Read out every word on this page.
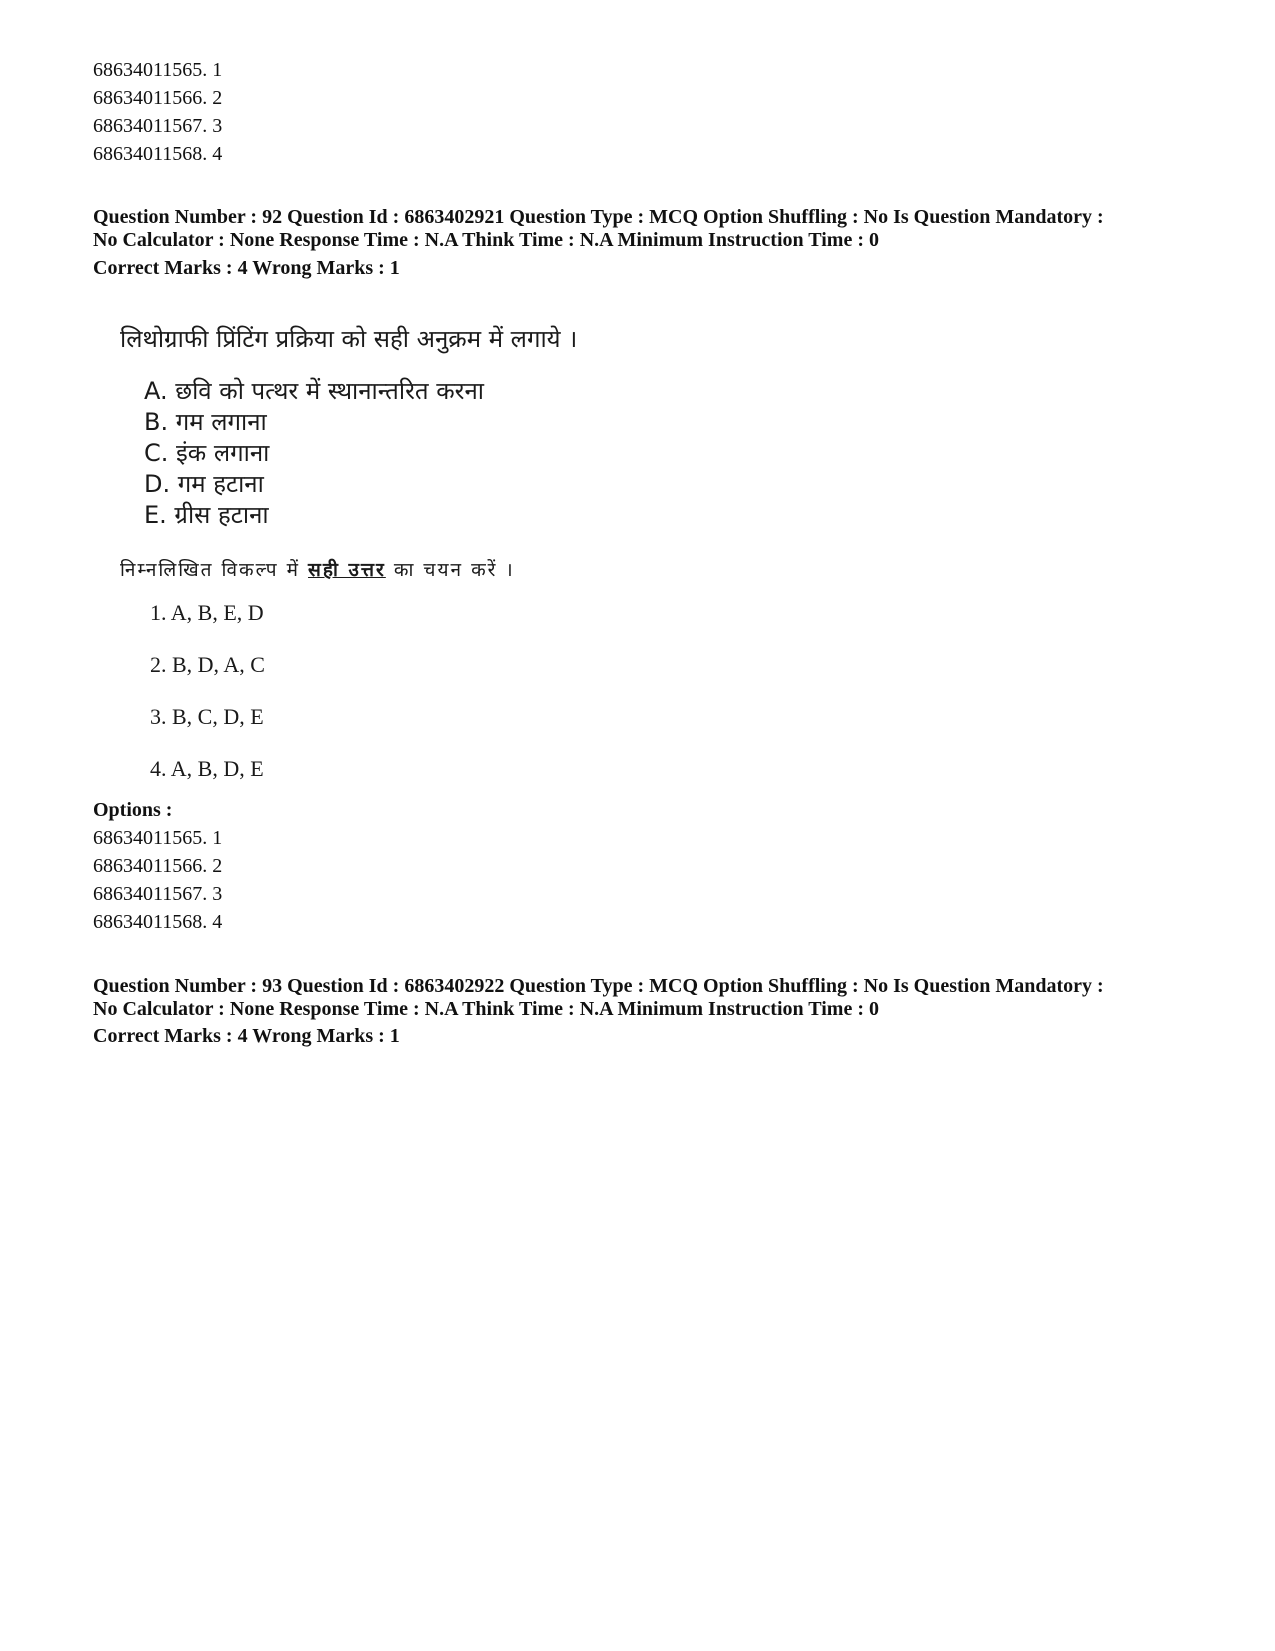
68634011565. 1
68634011566. 2
68634011567. 3
68634011568. 4
Question Number : 92 Question Id : 6863402921 Question Type : MCQ Option Shuffling : No Is Question Mandatory :
No Calculator : None Response Time : N.A Think Time : N.A Minimum Instruction Time : 0
Correct Marks : 4 Wrong Marks : 1
लिथोग्राफी प्रिंटिंग प्रक्रिया को सही अनुक्रम में लगाये ।
A. छवि को पत्थर में स्थानान्तरित करना
B. गम लगाना
C. इंक लगाना
D. गम हटाना
E. ग्रीस हटाना
निम्नलिखित विकल्प में सही उत्तर का चयन करें ।
1. A, B, E, D
2. B, D, A, C
3. B, C, D, E
4. A, B, D, E
Options :
68634011565. 1
68634011566. 2
68634011567. 3
68634011568. 4
Question Number : 93 Question Id : 6863402922 Question Type : MCQ Option Shuffling : No Is Question Mandatory :
No Calculator : None Response Time : N.A Think Time : N.A Minimum Instruction Time : 0
Correct Marks : 4 Wrong Marks : 1
